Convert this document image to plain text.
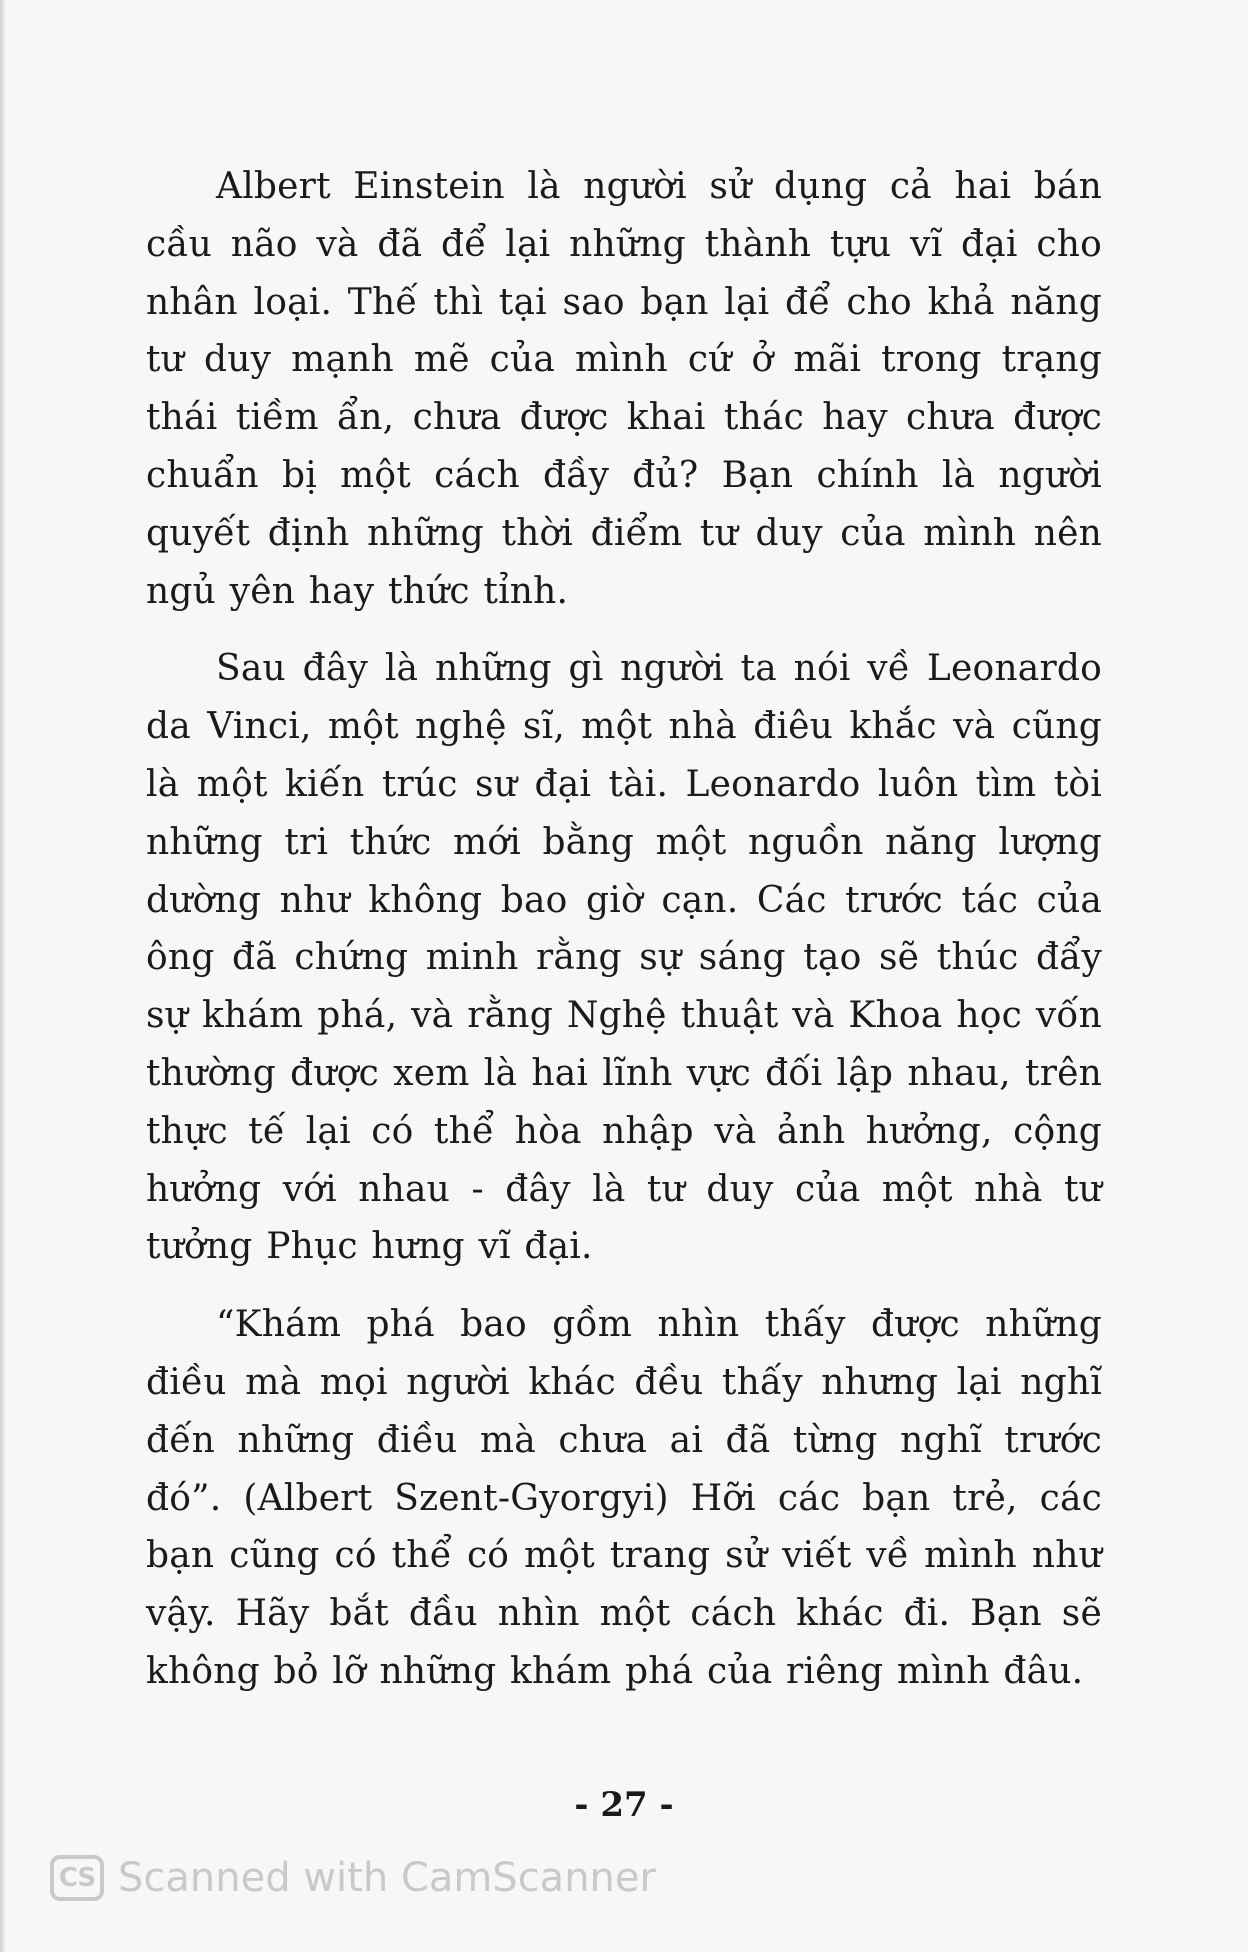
Albert Einstein là người sử dụng cả hai bán cầu não và đã để lại những thành tựu vĩ đại cho nhân loại. Thế thì tại sao bạn lại để cho khả năng tư duy mạnh mẽ của mình cứ ở mãi trong trạng thái tiềm ẩn, chưa được khai thác hay chưa được chuẩn bị một cách đầy đủ? Bạn chính là người quyết định những thời điểm tư duy của mình nên ngủ yên hay thức tỉnh.

Sau đây là những gì người ta nói về Leonardo da Vinci, một nghệ sĩ, một nhà điêu khắc và cũng là một kiến trúc sư đại tài. Leonardo luôn tìm tòi những tri thức mới bằng một nguồn năng lượng dường như không bao giờ cạn. Các trước tác của ông đã chứng minh rằng sự sáng tạo sẽ thúc đẩy sự khám phá, và rằng Nghệ thuật và Khoa học vốn thường được xem là hai lĩnh vực đối lập nhau, trên thực tế lại có thể hòa nhập và ảnh hưởng, cộng hưởng với nhau - đây là tư duy của một nhà tư tưởng Phục hưng vĩ đại.

“Khám phá bao gồm nhìn thấy được những điều mà mọi người khác đều thấy nhưng lại nghĩ đến những điều mà chưa ai đã từng nghĩ trước đó”. (Albert Szent-Gyorgyi) Hỡi các bạn trẻ, các bạn cũng có thể có một trang sử viết về mình như vậy. Hãy bắt đầu nhìn một cách khác đi. Bạn sẽ không bỏ lỡ những khám phá của riêng mình đâu.

- 27 -
CS Scanned with CamScanner
